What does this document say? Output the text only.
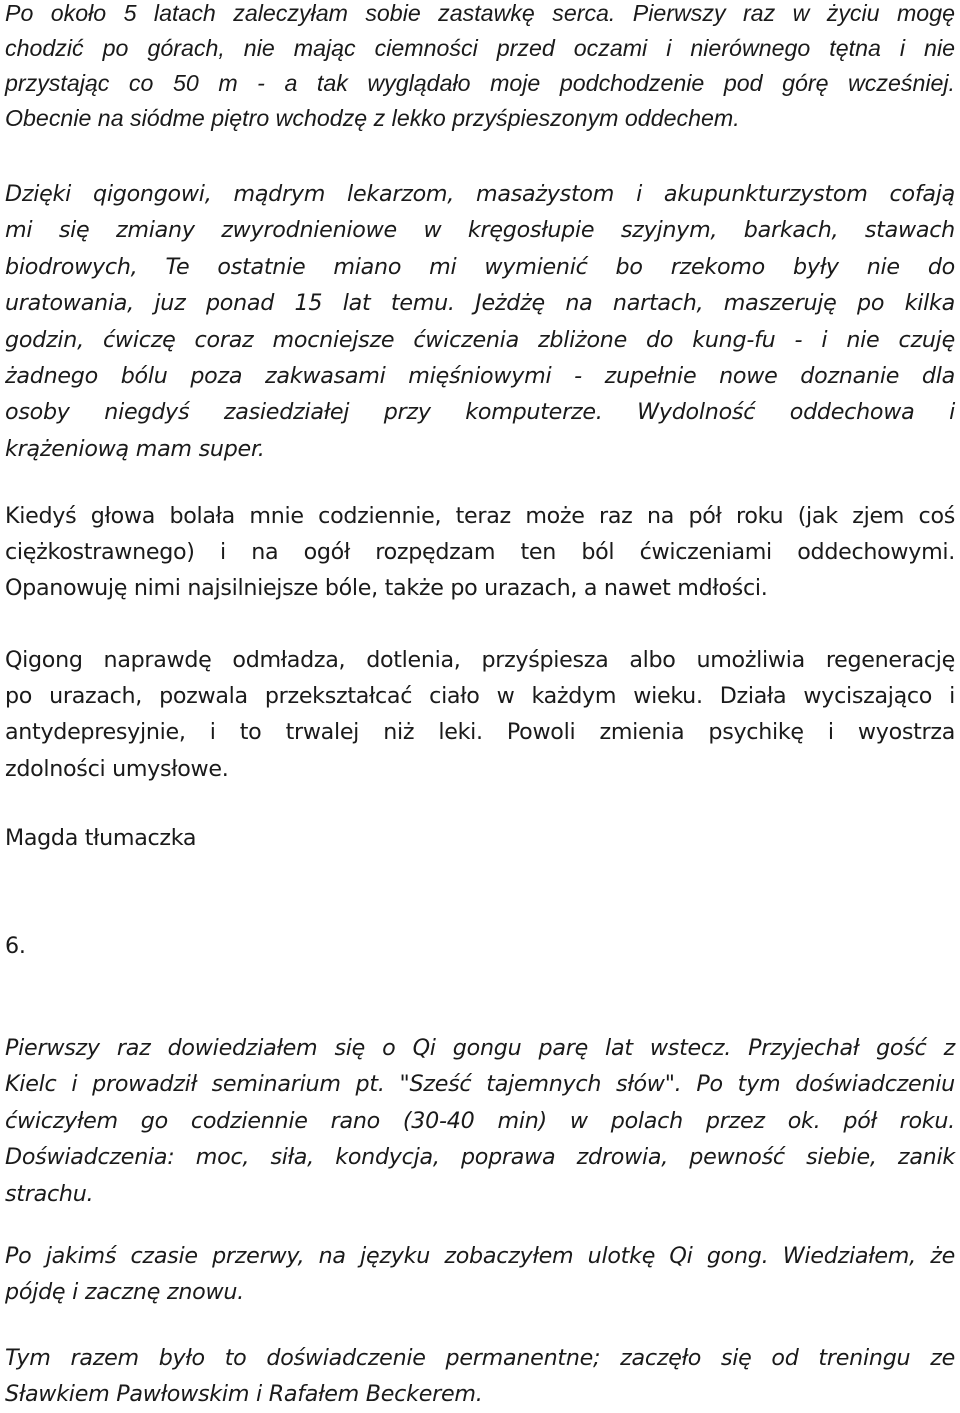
Po około 5 latach zaleczyłam sobie zastawkę serca. Pierwszy raz w życiu mogę
chodzić po górach, nie mając ciemności przed oczami i nierównego tętna i nie
przystając co 50 m - a tak wyglądało moje podchodzenie pod górę wcześniej.
Obecnie na siódme piętro wchodzę z lekko przyśpieszonym oddechem.

Dzięki qigongowi, mądrym lekarzom, masażystom i akupunkturzystom cofają
mi się zmiany zwyrodnieniowe w kręgosłupie szyjnym, barkach, stawach
biodrowych, Te ostatnie miano mi wymienić bo rzekomo były nie do
uratowania, juz ponad 15 lat temu. Jeżdżę na nartach, maszeruję po kilka
godzin, ćwiczę coraz mocniejsze ćwiczenia zbliżone do kung-fu - i nie czuję
żadnego bólu poza zakwasami mięśniowymi - zupełnie nowe doznanie dla
osoby niegdyś zasiedziałej przy komputerze. Wydolność oddechowa i
krążeniową mam super.

Kiedyś głowa bolała mnie codziennie, teraz może raz na pół roku (jak zjem coś
ciężkostrawnego) i na ogół rozpędzam ten ból ćwiczeniami oddechowymi.
Opanowuję nimi najsilniejsze bóle, także po urazach, a nawet mdłości.

Qigong naprawdę odmładza, dotlenia, przyśpiesza albo umożliwia regenerację
po urazach, pozwala przekształcać ciało w każdym wieku. Działa wyciszająco i
antydepresyjnie, i to trwalej niż leki. Powoli zmienia psychikę i wyostrza
zdolności umysłowe.

Magda tłumaczka

6.

Pierwszy raz dowiedziałem się o Qi gongu parę lat wstecz. Przyjechał gość z
Kielc i prowadził seminarium pt. "Sześć tajemnych słów". Po tym doświadczeniu
ćwiczyłem go codziennie rano (30-40 min) w polach przez ok. pół roku.
Doświadczenia: moc, siła, kondycja, poprawa zdrowia, pewność siebie, zanik
strachu.

Po jakimś czasie przerwy, na języku zobaczyłem ulotkę Qi gong. Wiedziałem, że
pójdę i zacznę znowu.

Tym razem było to doświadczenie permanentne; zaczęło się od treningu ze
Sławkiem Pawłowskim i Rafałem Beckerem.
